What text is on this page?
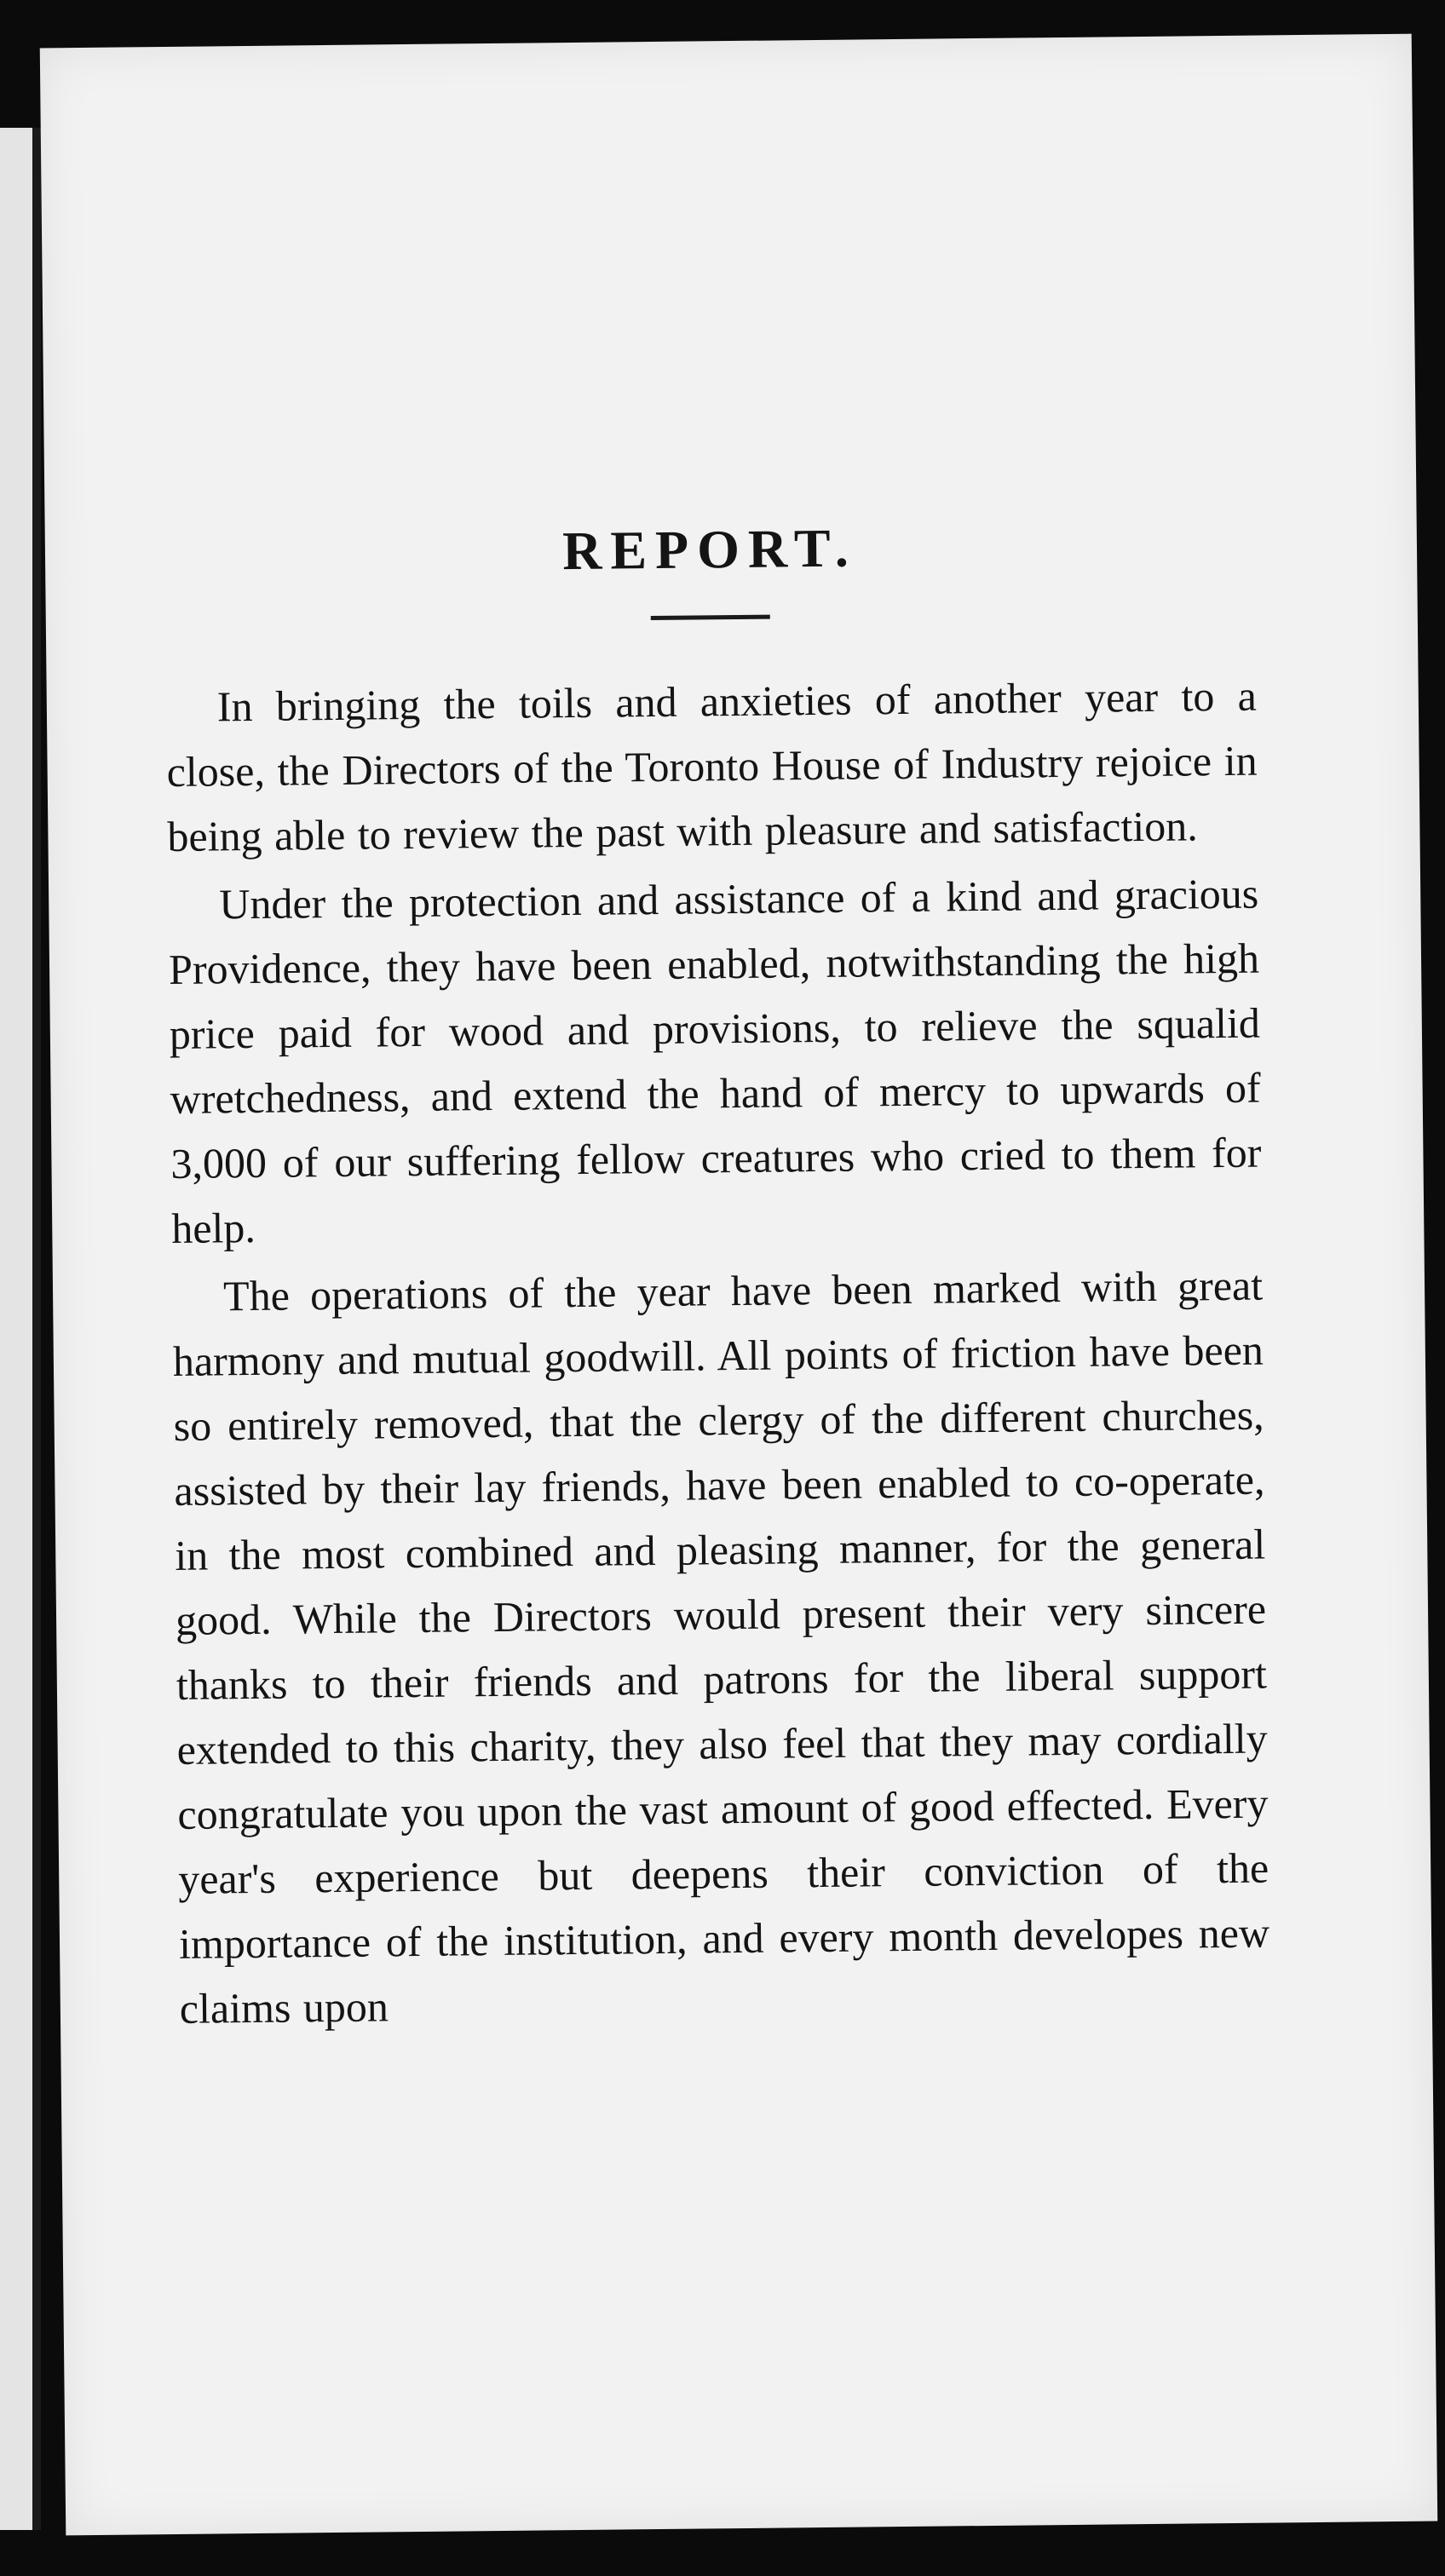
REPORT.

In bringing the toils and anxieties of another year to a close, the Directors of the Toronto House of Industry rejoice in being able to review the past with pleasure and satisfaction.

Under the protection and assistance of a kind and gracious Providence, they have been enabled, notwithstanding the high price paid for wood and provisions, to relieve the squalid wretchedness, and extend the hand of mercy to upwards of 3,000 of our suffering fellow creatures who cried to them for help.

The operations of the year have been marked with great harmony and mutual goodwill. All points of friction have been so entirely removed, that the clergy of the different churches, assisted by their lay friends, have been enabled to co-operate, in the most combined and pleasing manner, for the general good. While the Directors would present their very sincere thanks to their friends and patrons for the liberal support extended to this charity, they also feel that they may cordially congratulate you upon the vast amount of good effected. Every year's experience but deepens their conviction of the importance of the institution, and every month developes new claims upon
